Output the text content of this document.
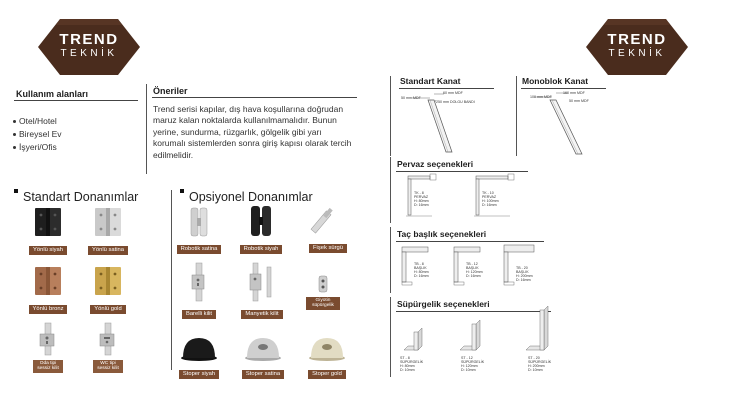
TREND
TEKNİK
TREND
TEKNİK
Kullanım alanları
Otel/Hotel
Bireysel Ev
İşyeri/Ofis
Öneriler
Trend serisi kapılar, dış hava koşullarına doğrudan maruz kalan noktalarda kullanılmamalıdır. Bunun yerine, sundurma, rüzgarlık, gölgelik gibi yarı korumalı sistemlerden sonra giriş kapısı olarak tercih edilmelidir.
Standart Donanımlar
Yönlü siyah	Yönlü satina
Yönlü bronz	Yönlü gold
Oda tipi sessiz kilit
WC tipi sessiz kilit
Opsiyonel Donanımlar
Robotik satina	Robotik siyah	Fişek sürgü
Barelli kilit	Manyetik kilit
Giyotin süpürgelik
Stoper siyah	Stoper satina	Stoper gold
Standart Kanat
60 mm MDF
50 mm MDF
250 mm DOLGU BANDI
Monoblok Kanat
160 mm MDF
100 mm MDF
50 mm MDF
Pervaz seçenekleri
TK - 8
PERVAZ
H: 80mm
D: 16mm
TK - 10
PERVAZ
H: 100mm
D: 16mm
Taç başlık seçenekleri
TB - 8
BAŞLIK
H: 80mm
D: 16mm
TB - 12
BAŞLIK
H: 120mm
D: 16mm
TB - 20
BAŞLIK
H: 200mm
D: 16mm
Süpürgelik seçenekleri
ST - 8
SÜPÜRGELİK
H: 80mm
D: 10mm
ST - 12
SÜPÜRGELİK
H: 120mm
D: 10mm
ST - 20
SÜPÜRGELİK
H: 200mm
D: 10mm
